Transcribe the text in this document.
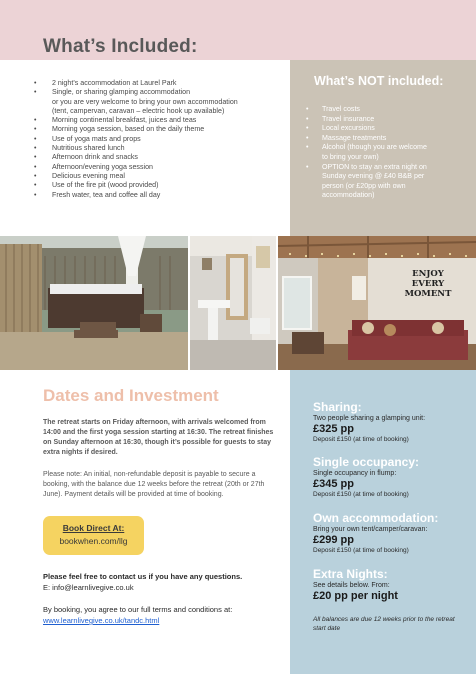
What’s Included:
• 2 night’s accommodation at Laurel Park
• Single, or sharing glamping accommodation
or you are very welcome to bring your own accommodation
(tent, campervan, caravan – electric hook up available)
• Morning continental breakfast, juices and teas
• Morning yoga session, based on the daily theme
• Use of yoga mats and props
• Nutritious shared lunch
• Afternoon drink and snacks
• Afternoon/evening yoga session
• Delicious evening meal
• Use of the fire pit (wood provided)
• Fresh water, tea and coffee all day
What’s NOT included:
• Travel costs
• Travel insurance
• Local excursions
• Massage treatments
• Alcohol (though you are welcome
to bring your own)
• OPTION to stay an extra night on
Sunday evening @ £40 B&B per
person (or £20pp with own
accommodation)
ENJOY
EVERY
MOMENT
Dates and Investment

The retreat starts on Friday afternoon, with arrivals welcomed from 14:00 and the first yoga session starting at 16:30. The retreat finishes on Sunday afternoon at 16:30, though it’s possible for guests to stay extra nights if desired.

Please note: An initial, non-refundable deposit is payable to secure a booking, with the balance due 12 weeks before the retreat (20th or 27th June). Payment details will be provided at time of booking.

Book Direct At:
bookwhen.com/llg
Please feel free to contact us if you have any questions.
E: info@learnlivegive.co.uk
By booking, you agree to our full terms and conditions at:
www.learnlivegive.co.uk/tandc.html
Sharing:
Two people sharing a glamping unit:
£325 pp
Deposit £150 (at time of booking)
Single occupancy:
Single occupancy in flump:
£345 pp
Deposit £150 (at time of booking)
Own accommodation:
Bring your own tent/camper/caravan:
£299 pp
Deposit £150 (at time of booking)
Extra Nights:
See details below. From:
£20 pp per night
All balances are due 12 weeks prior to the retreat start date
